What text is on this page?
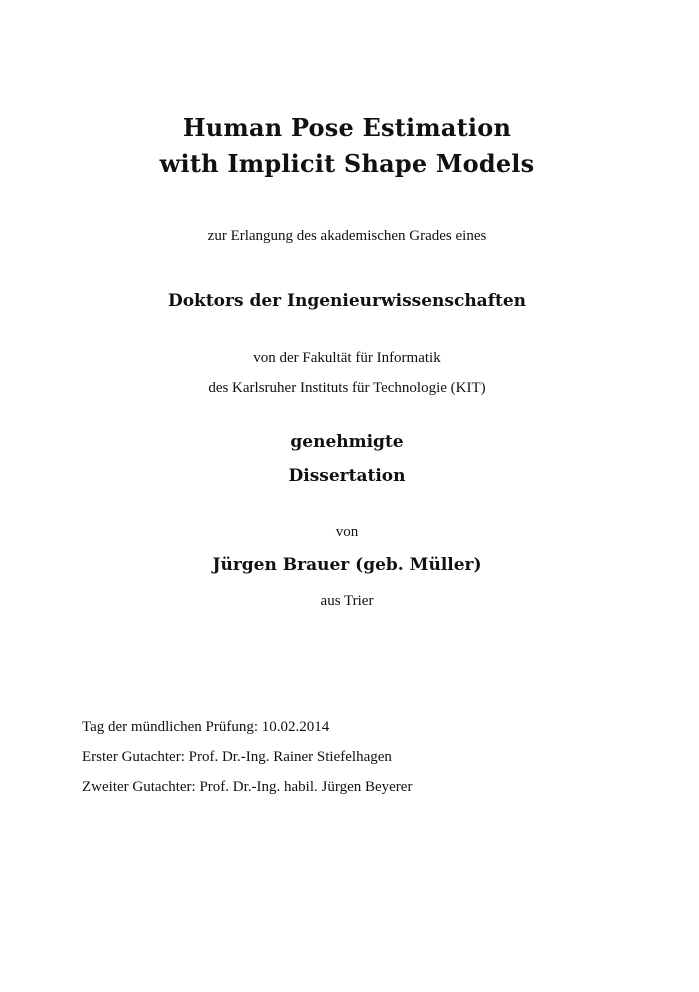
Human Pose Estimation
with Implicit Shape Models
zur Erlangung des akademischen Grades eines
Doktors der Ingenieurwissenschaften
von der Fakultät für Informatik
des Karlsruher Instituts für Technologie (KIT)
genehmigte
Dissertation
von
Jürgen Brauer (geb. Müller)
aus Trier
Tag der mündlichen Prüfung: 10.02.2014
Erster Gutachter: Prof. Dr.-Ing. Rainer Stiefelhagen
Zweiter Gutachter: Prof. Dr.-Ing. habil. Jürgen Beyerer
